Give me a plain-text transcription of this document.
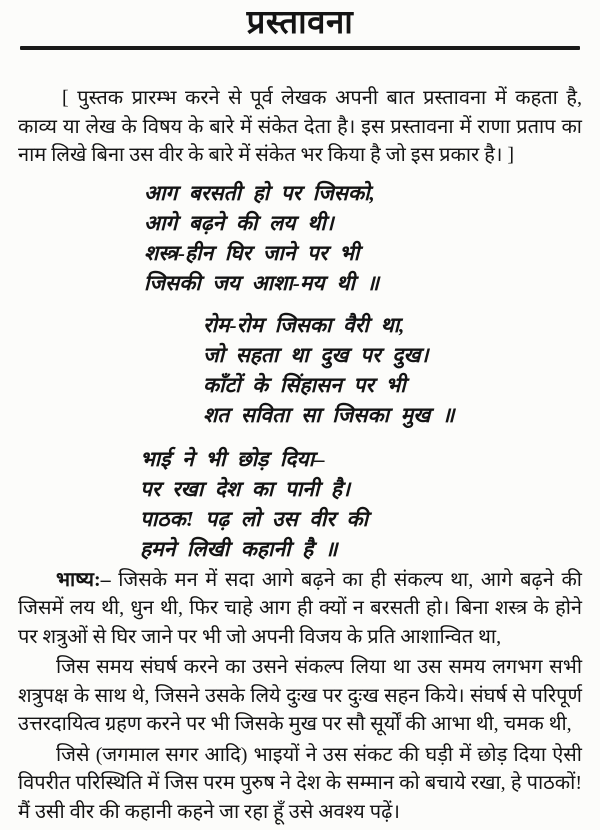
प्रस्तावना

[ पुस्तक प्रारम्भ करने से पूर्व लेखक अपनी बात प्रस्तावना में कहता है, काव्य या लेख के विषय के बारे में संकेत देता है। इस प्रस्तावना में राणा प्रताप का नाम लिखे बिना उस वीर के बारे में संकेत भर किया है जो इस प्रकार है। ]

आग बरसती हो पर जिसको,
आगे बढ़ने की लय थी।
शस्त्र-हीन घिर जाने पर भी
जिसकी जय आशा-मय थी ॥
रोम-रोम जिसका वैरी था,
जो सहता था दुख पर दुख।
काँटों के सिंहासन पर भी
शत सविता सा जिसका मुख ॥
भाई ने भी छोड़ दिया–
पर रखा देश का पानी है।
पाठक! पढ़ लो उस वीर की
हमने लिखी कहानी है ॥

भाष्य:– जिसके मन में सदा आगे बढ़ने का ही संकल्प था, आगे बढ़ने की जिसमें लय थी, धुन थी, फिर चाहे आग ही क्यों न बरसती हो। बिना शस्त्र के होने पर शत्रुओं से घिर जाने पर भी जो अपनी विजय के प्रति आशान्वित था,

जिस समय संघर्ष करने का उसने संकल्प लिया था उस समय लगभग सभी शत्रुपक्ष के साथ थे, जिसने उसके लिये दुःख पर दुःख सहन किये। संघर्ष से परिपूर्ण उत्तरदायित्व ग्रहण करने पर भी जिसके मुख पर सौ सूर्यों की आभा थी, चमक थी,

जिसे (जगमाल सगर आदि) भाइयों ने उस संकट की घड़ी में छोड़ दिया ऐसी विपरीत परिस्थिति में जिस परम पुरुष ने देश के सम्मान को बचाये रखा, हे पाठकों! मैं उसी वीर की कहानी कहने जा रहा हूँ उसे अवश्य पढ़ें।
